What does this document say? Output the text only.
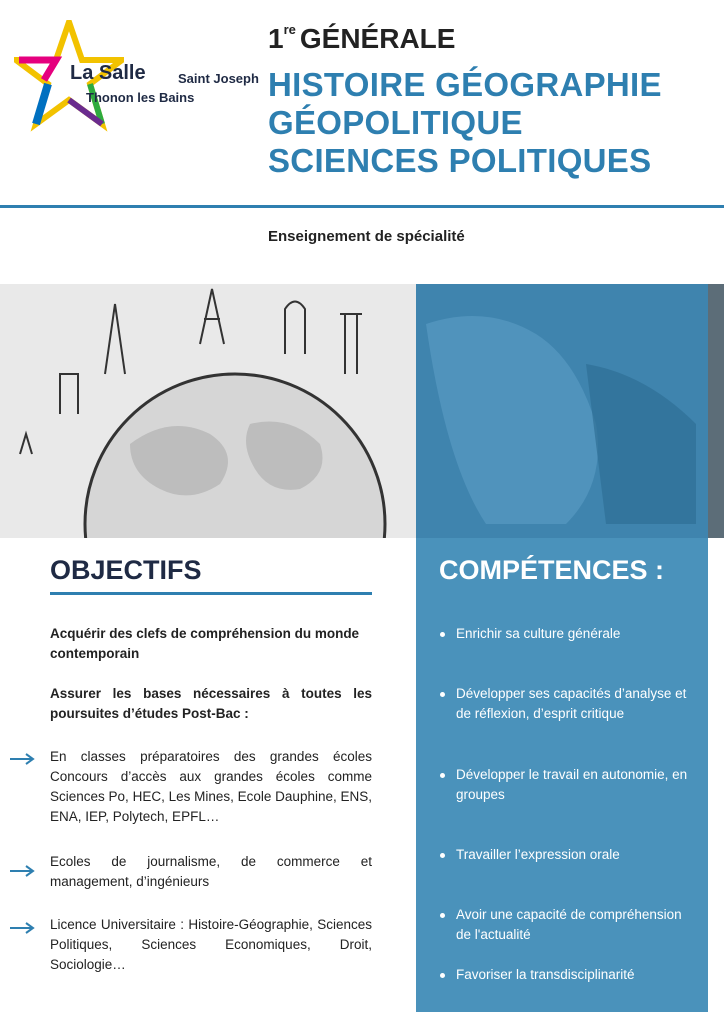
La Salle Saint Joseph
Thonon les Bains
1re GÉNÉRALE
HISTOIRE GÉOGRAPHIE
GÉOPOLITIQUE
SCIENCES POLITIQUES
Enseignement de spécialité
OBJECTIFS
Acquérir des clefs de compréhension du monde contemporain
Assurer les bases nécessaires à toutes les poursuites d’études Post-Bac :
En classes préparatoires des grandes écoles Concours d’accès aux grandes écoles comme Sciences Po, HEC, Les Mines, Ecole Dauphine, ENS, ENA, IEP, Polytech, EPFL…
Ecoles de journalisme, de commerce et management, d’ingénieurs
Licence Universitaire : Histoire-Géographie, Sciences Politiques, Sciences Economiques, Droit, Sociologie…
COMPÉTENCES :
Enrichir sa culture générale
Développer ses capacités d’analyse et de réflexion, d’esprit critique
Développer le travail en autonomie, en groupes
Travailler l’expression orale
Avoir une capacité de compréhension de l'actualité
Favoriser la transdisciplinarité
